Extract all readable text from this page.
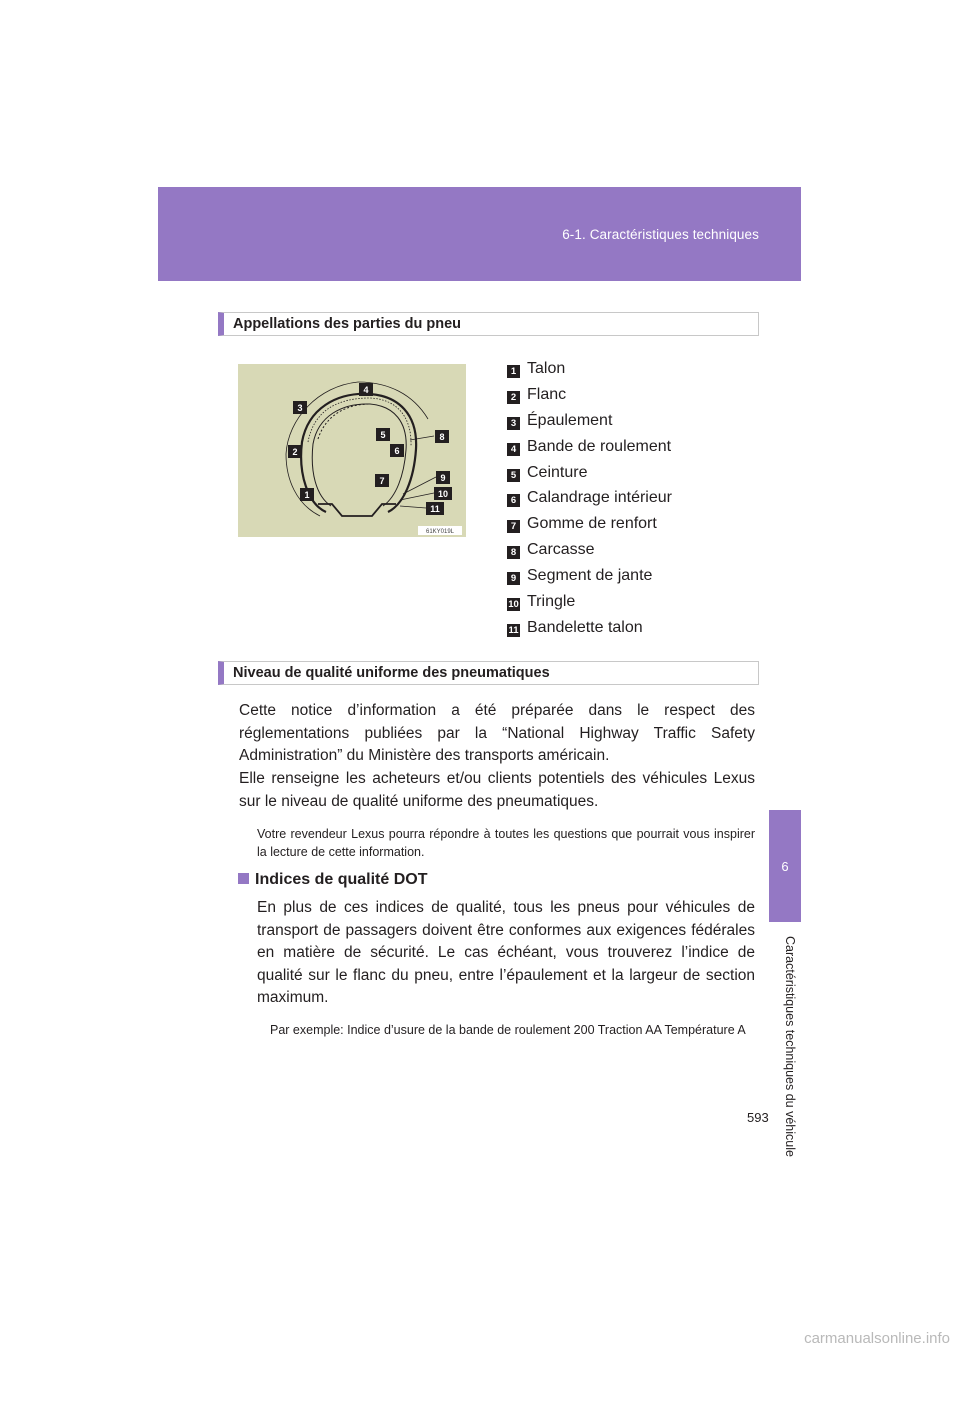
6-1. Caractéristiques techniques
6
Caractéristiques techniques du véhicule
Appellations des parties du pneu
3
4
5
6
8
2
7	9
10
11
1
61KY019L
1 Talon
2 Flanc
3 Épaulement
4 Bande de roulement
5 Ceinture
6 Calandrage intérieur
7 Gomme de renfort
8 Carcasse
9 Segment de jante
10 Tringle
11 Bandelette talon
Niveau de qualité uniforme des pneumatiques

Cette notice d’information a été préparée dans le respect des réglementations publiées par la “National Highway Traffic Safety Administration” du Ministère des transports américain.

Elle renseigne les acheteurs et/ou clients potentiels des véhicules Lexus sur le niveau de qualité uniforme des pneumatiques.

Votre revendeur Lexus pourra répondre à toutes les questions que pourrait vous inspirer la lecture de cette information.

Indices de qualité DOT

En plus de ces indices de qualité, tous les pneus pour véhicules de transport de passagers doivent être conformes aux exigences fédérales en matière de sécurité. Le cas échéant, vous trouverez l’indice de qualité sur le flanc du pneu, entre l’épaulement et la largeur de section maximum.

Par exemple: Indice d’usure de la bande de roulement 200 Traction AA Température A

593
carmanualsonline.info
